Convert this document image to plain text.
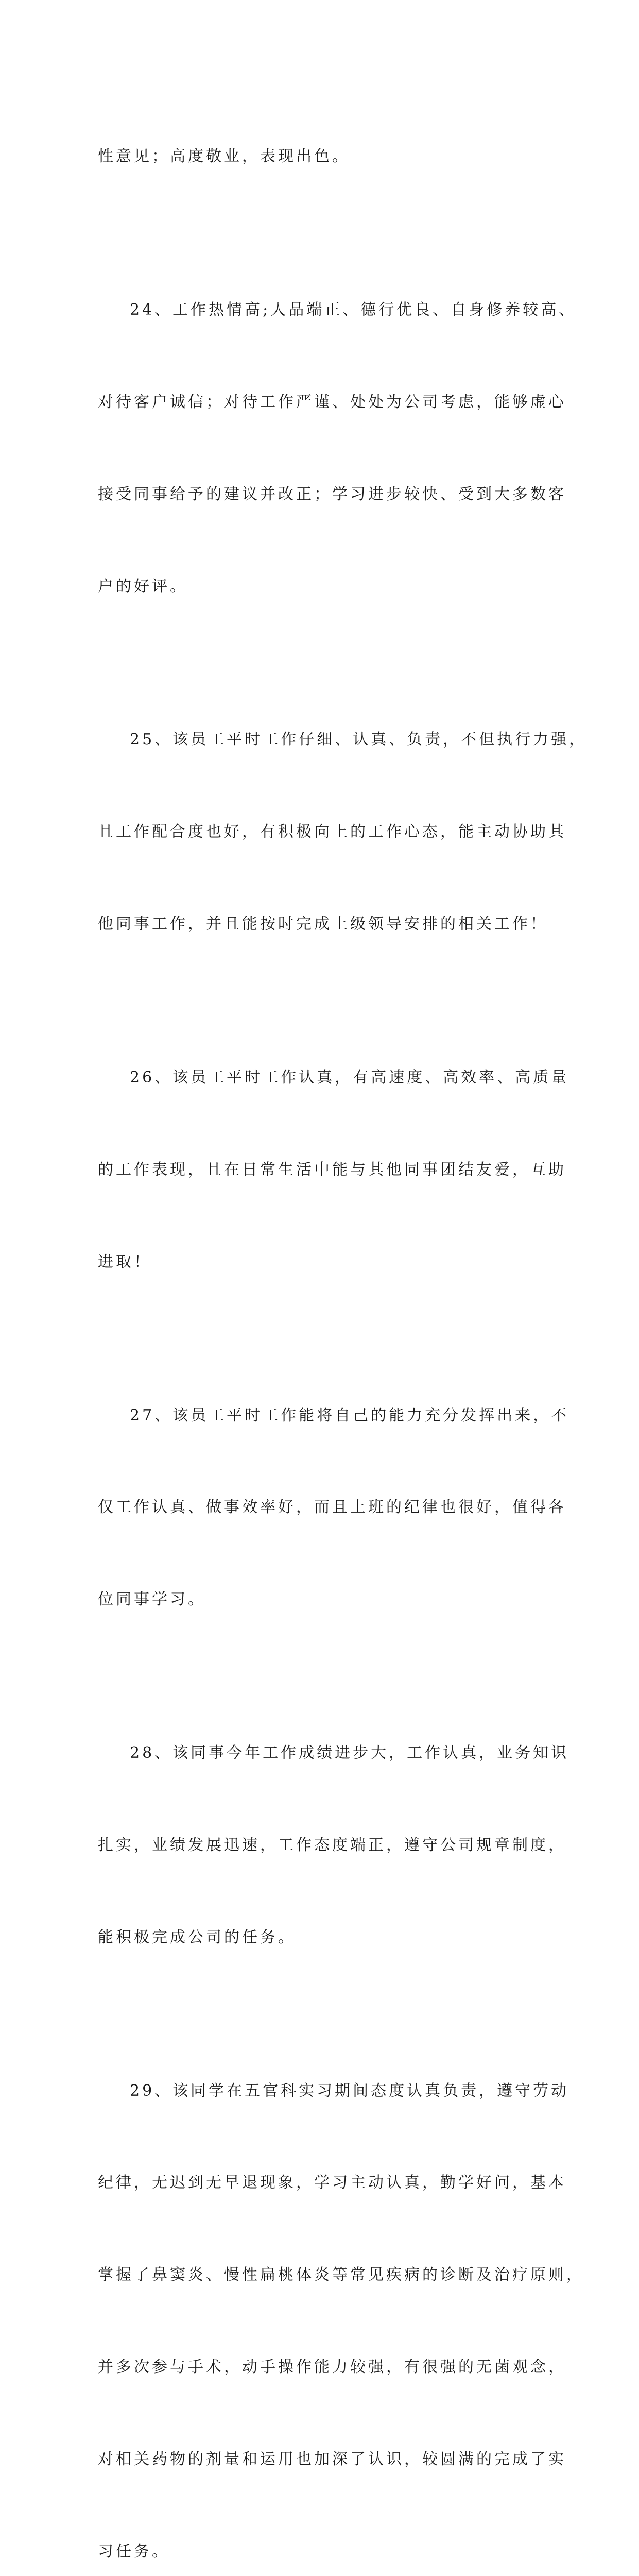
性意见；高度敬业，表现出色。

24、工作热情高;人品端正、德行优良、自身修养较高、

对待客户诚信；对待工作严谨、处处为公司考虑，能够虚心

接受同事给予的建议并改正；学习进步较快、受到大多数客

户的好评。

25、该员工平时工作仔细、认真、负责，不但执行力强，

且工作配合度也好，有积极向上的工作心态，能主动协助其

他同事工作，并且能按时完成上级领导安排的相关工作！

26、该员工平时工作认真，有高速度、高效率、高质量

的工作表现，且在日常生活中能与其他同事团结友爱，互助

进取！

27、该员工平时工作能将自己的能力充分发挥出来，不

仅工作认真、做事效率好，而且上班的纪律也很好，值得各

位同事学习。

28、该同事今年工作成绩进步大，工作认真，业务知识

扎实，业绩发展迅速，工作态度端正，遵守公司规章制度，

能积极完成公司的任务。

29、该同学在五官科实习期间态度认真负责，遵守劳动

纪律，无迟到无早退现象，学习主动认真，勤学好问，基本

掌握了鼻窦炎、慢性扁桃体炎等常见疾病的诊断及治疗原则，

并多次参与手术，动手操作能力较强，有很强的无菌观念，

对相关药物的剂量和运用也加深了认识，较圆满的完成了实

习任务。
